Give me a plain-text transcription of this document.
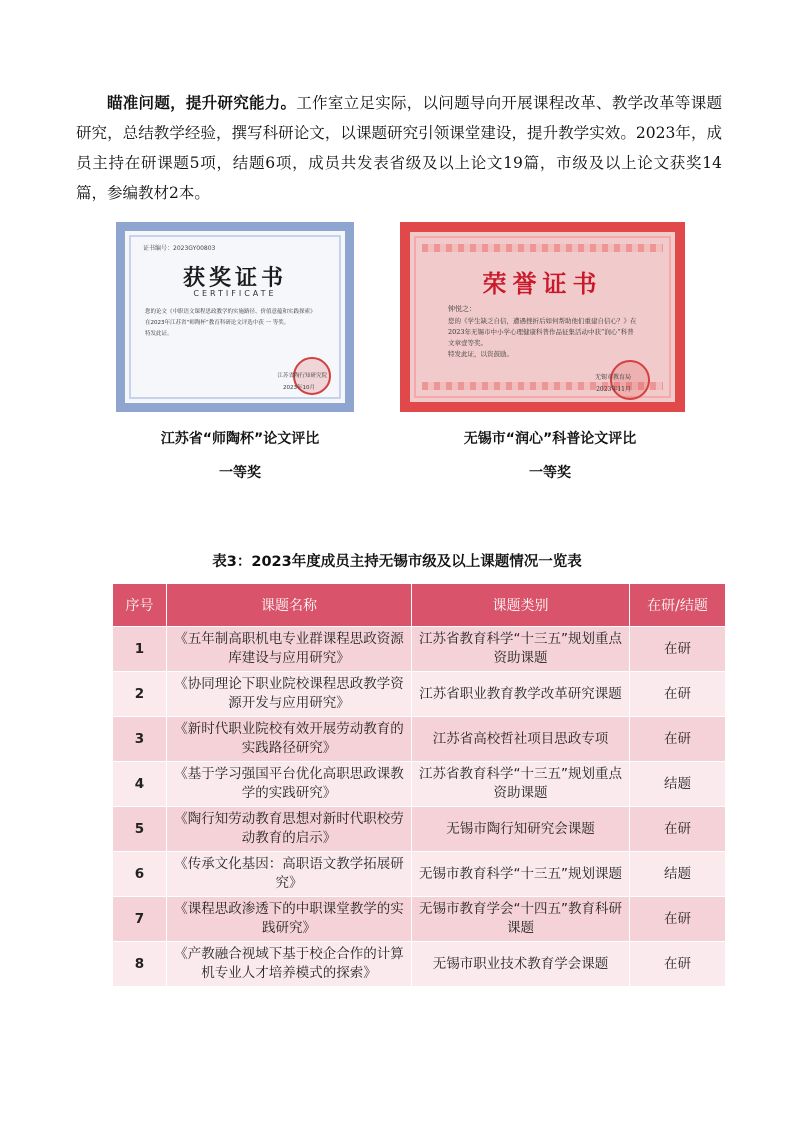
瞄准问题，提升研究能力。工作室立足实际，以问题导向开展课程改革、教学改革等课题研究，总结教学经验，撰写科研论文，以课题研究引领课堂建设，提升教学实效。2023年，成员主持在研课题5项，结题6项，成员共发表省级及以上论文19篇，市级及以上论文获奖14篇，参编教材2本。
证书编号：2023GY00803
获奖证书
CERTIFICATE
您的论文《中职语文课程思政教学的实施路径、价值意蕴和实践探索》
在2023年江苏省“师陶杯”教育科研论文评选中获 一 等奖。
特发此证。
江苏省陶行知研究院
2023年10月
荣誉证书
钟悦之：
您的《学生缺乏自信，遭遇挫折后如何帮助他们重建自信心？》在2023年无锡市中小学心理健康科普作品征集活动中获“润心”科普文章壹等奖。
特发此证，以资鼓励。
无锡市教育局
2023年11月
江苏省“师陶杯”论文评比
一等奖
无锡市“润心”科普论文评比
一等奖
表3：2023年度成员主持无锡市级及以上课题情况一览表
序号	课题名称	课题类别	在研/结题
1	《五年制高职机电专业群课程思政资源库建设与应用研究》	江苏省教育科学“十三五”规划重点资助课题	在研
2	《协同理论下职业院校课程思政教学资源开发与应用研究》	江苏省职业教育教学改革研究课题	在研
3	《新时代职业院校有效开展劳动教育的实践路径研究》	江苏省高校哲社项目思政专项	在研
4	《基于学习强国平台优化高职思政课教学的实践研究》	江苏省教育科学“十三五”规划重点资助课题	结题
5	《陶行知劳动教育思想对新时代职校劳动教育的启示》	无锡市陶行知研究会课题	在研
6	《传承文化基因：高职语文教学拓展研究》	无锡市教育科学“十三五”规划课题	结题
7	《课程思政渗透下的中职课堂教学的实践研究》	无锡市教育学会“十四五”教育科研课题	在研
8	《产教融合视域下基于校企合作的计算机专业人才培养模式的探索》	无锡市职业技术教育学会课题	在研
